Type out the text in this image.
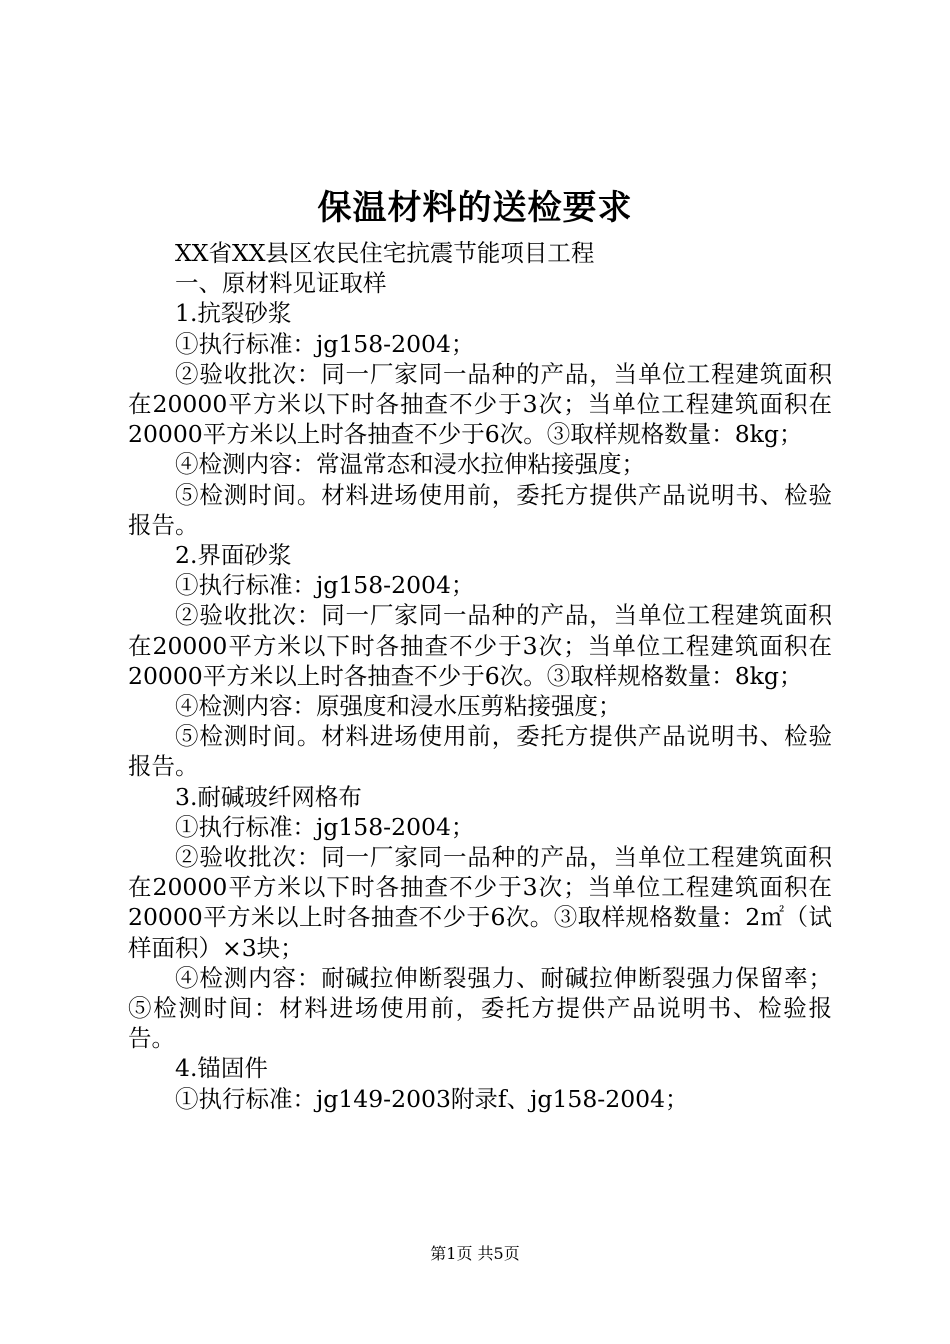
保温材料的送检要求

XX省XX县区农民住宅抗震节能项目工程

一、原材料见证取样

1.抗裂砂浆

①执行标准：jg158-2004；

②验收批次：同一厂家同一品种的产品，当单位工程建筑面积在20000平方米以下时各抽查不少于3次；当单位工程建筑面积在20000平方米以上时各抽查不少于6次。③取样规格数量：8kg；

④检测内容：常温常态和浸水拉伸粘接强度；

⑤检测时间。材料进场使用前，委托方提供产品说明书、检验报告。

2.界面砂浆

①执行标准：jg158-2004；

②验收批次：同一厂家同一品种的产品，当单位工程建筑面积在20000平方米以下时各抽查不少于3次；当单位工程建筑面积在20000平方米以上时各抽查不少于6次。③取样规格数量：8kg；

④检测内容：原强度和浸水压剪粘接强度；

⑤检测时间。材料进场使用前，委托方提供产品说明书、检验报告。

3.耐碱玻纤网格布

①执行标准：jg158-2004；

②验收批次：同一厂家同一品种的产品，当单位工程建筑面积在20000平方米以下时各抽查不少于3次；当单位工程建筑面积在20000平方米以上时各抽查不少于6次。③取样规格数量：2㎡（试样面积）×3块；

④检测内容：耐碱拉伸断裂强力、耐碱拉伸断裂强力保留率；⑤检测时间：材料进场使用前，委托方提供产品说明书、检验报告。

4.锚固件

①执行标准：jg149-2003附录f、jg158-2004；

第1页 共5页
